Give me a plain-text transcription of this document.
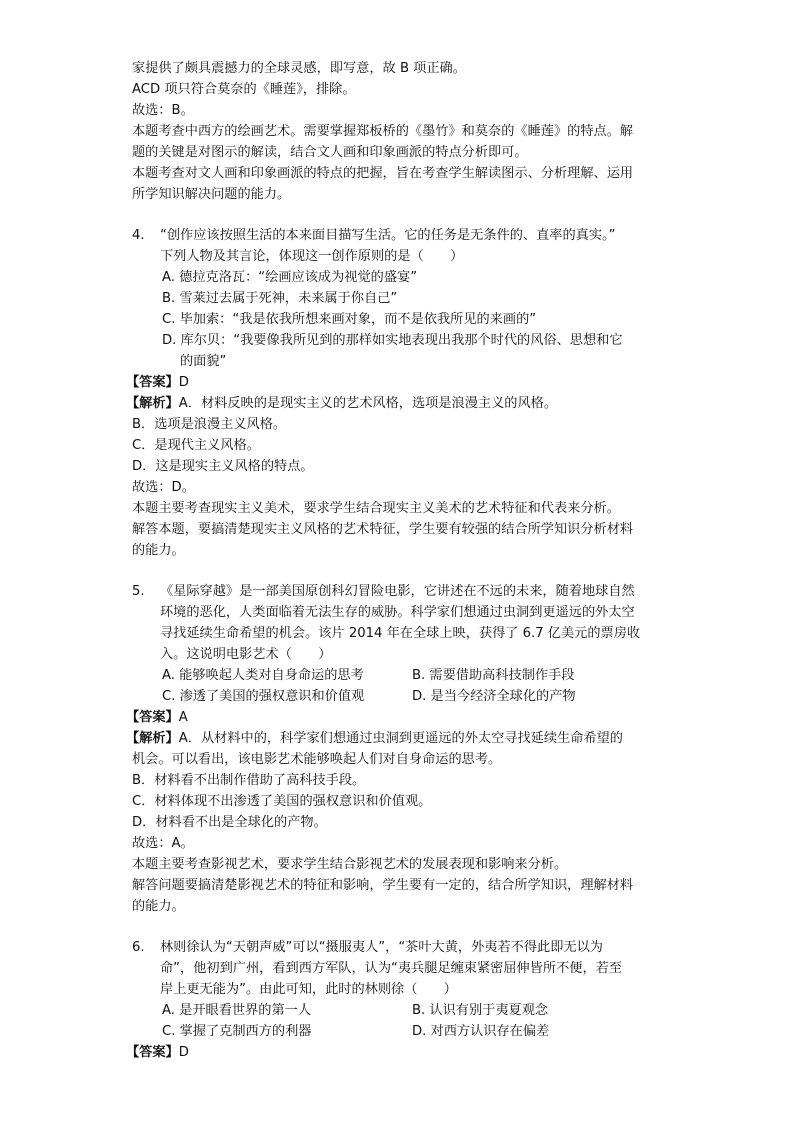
家提供了颇具震撼力的全球灵感，即写意，故 B 项正确。
ACD 项只符合莫奈的《睡莲》，排除。
故选：B。
本题考查中西方的绘画艺术。需要掌握郑板桥的《墨竹》和莫奈的《睡莲》的特点。解
题的关键是对图示的解读，结合文人画和印象画派的特点分析即可。
本题考查对文人画和印象画派的特点的把握，旨在考查学生解读图示、分析理解、运用
所学知识解决问题的能力。
4.	“创作应该按照生活的本来面目描写生活。它的任务是无条件的、直率的真实。”
下列人物及其言论，体现这一创作原则的是（　　）
A. 德拉克洛瓦：“绘画应该成为视觉的盛宴”
B. 雪莱过去属于死神，未来属于你自己”
C. 毕加索：“我是依我所想来画对象，而不是依我所见的来画的”
D. 库尔贝：“我要像我所见到的那样如实地表现出我那个时代的风俗、思想和它
的面貌”
【答案】D
【解析】A．材料反映的是现实主义的艺术风格，选项是浪漫主义的风格。
B．选项是浪漫主义风格。
C．是现代主义风格。
D．这是现实主义风格的特点。
故选：D。
本题主要考查现实主义美术，要求学生结合现实主义美术的艺术特征和代表来分析。
解答本题，要搞清楚现实主义风格的艺术特征，学生要有较强的结合所学知识分析材料
的能力。
5.	《星际穿越》是一部美国原创科幻冒险电影，它讲述在不远的未来，随着地球自然
环境的恶化，人类面临着无法生存的威胁。科学家们想通过虫洞到更遥远的外太空
寻找延续生命希望的机会。该片 2014 年在全球上映，获得了 6.7 亿美元的票房收
入。这说明电影艺术（　　）
A. 能够唤起人类对自身命运的思考	B. 需要借助高科技制作手段
C. 渗透了美国的强权意识和价值观	D. 是当今经济全球化的产物
【答案】A
【解析】A．从材料中的，科学家们想通过虫洞到更遥远的外太空寻找延续生命希望的
机会。可以看出，该电影艺术能够唤起人们对自身命运的思考。
B．材料看不出制作借助了高科技手段。
C．材料体现不出渗透了美国的强权意识和价值观。
D．材料看不出是全球化的产物。
故选：A。
本题主要考查影视艺术，要求学生结合影视艺术的发展表现和影响来分析。
解答问题要搞清楚影视艺术的特征和影响，学生要有一定的，结合所学知识，理解材料
的能力。
6.	林则徐认为“天朝声威”可以“摄服夷人”，“茶叶大黄，外夷若不得此即无以为
命”，他初到广州，看到西方军队，认为“夷兵腿足缠束紧密屈伸皆所不便，若至
岸上更无能为”。由此可知，此时的林则徐（　　）
A. 是开眼看世界的第一人	B. 认识有别于夷夏观念
C. 掌握了克制西方的利器	D. 对西方认识存在偏差
【答案】D
